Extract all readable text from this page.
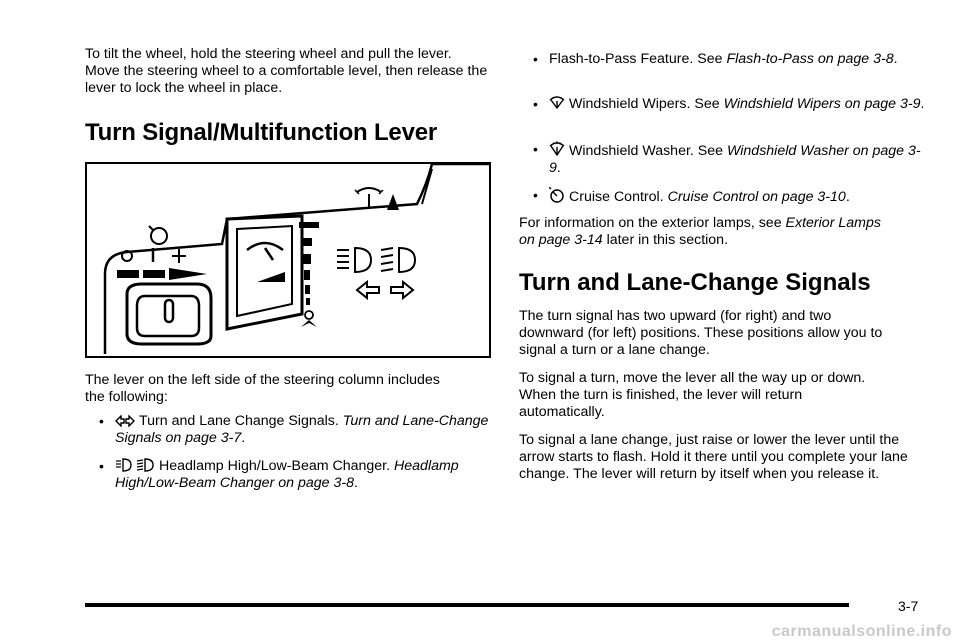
To tilt the wheel, hold the steering wheel and pull the lever. Move the steering wheel to a comfortable level, then release the lever to lock the wheel in place.

Turn Signal/Multifunction Lever

The lever on the left side of the steering column includes the following:

• Turn and Lane Change Signals. Turn and Lane-Change Signals on page 3-7.
•	Headlamp High/Low-Beam Changer. Headlamp High/Low-Beam Changer on page 3-8.
• Flash-to-Pass Feature. See Flash-to-Pass on page 3-8.
• Windshield Wipers. See Windshield Wipers on page 3-9.
• Windshield Washer. See Windshield Washer on page 3-9.
• Cruise Control. Cruise Control on page 3-10.

For information on the exterior lamps, see Exterior Lamps on page 3-14 later in this section.

Turn and Lane-Change Signals

The turn signal has two upward (for right) and two downward (for left) positions. These positions allow you to signal a turn or a lane change.

To signal a turn, move the lever all the way up or down. When the turn is finished, the lever will return automatically.

To signal a lane change, just raise or lower the lever until the arrow starts to flash. Hold it there until you complete your lane change. The lever will return by itself when you release it.

3-7
carmanualsonline.info
